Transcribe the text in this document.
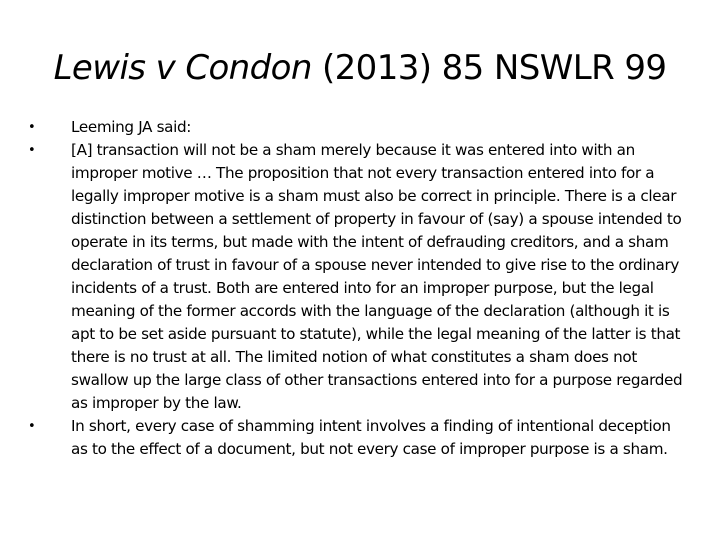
Lewis v Condon (2013) 85 NSWLR 99
•	Leeming JA said:
•	[A] transaction will not be a sham merely because it was entered into with an improper motive … The proposition that not every transaction entered into for a legally improper motive is a sham must also be correct in principle. There is a clear distinction between a settlement of property in favour of (say) a spouse intended to operate in its terms, but made with the intent of defrauding creditors, and a sham declaration of trust in favour of a spouse never intended to give rise to the ordinary incidents of a trust. Both are entered into for an improper purpose, but the legal meaning of the former accords with the language of the declaration (although it is apt to be set aside pursuant to statute), while the legal meaning of the latter is that there is no trust at all. The limited notion of what constitutes a sham does not swallow up the large class of other transactions entered into for a purpose regarded as improper by the law.
•	In short, every case of shamming intent involves a finding of intentional deception as to the effect of a document, but not every case of improper purpose is a sham.
